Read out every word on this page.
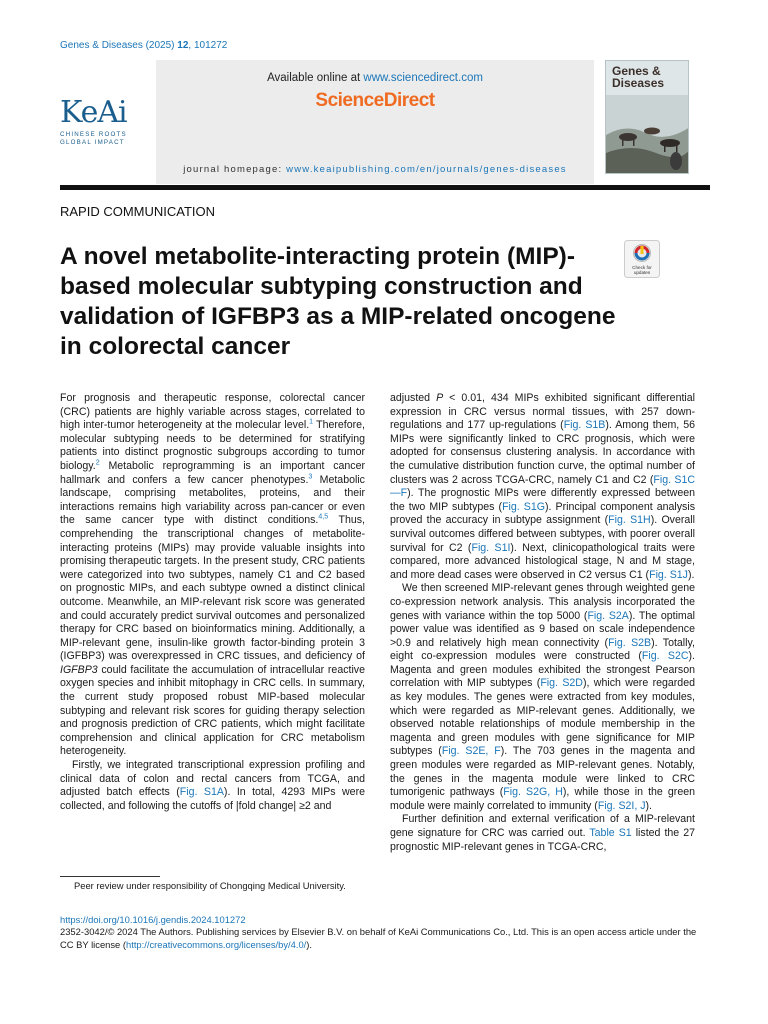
Genes & Diseases (2025) 12, 101272
KeAi
CHINESE ROOTS
GLOBAL IMPACT
Available online at www.sciencedirect.com
ScienceDirect
journal homepage: www.keaipublishing.com/en/journals/genes-diseases
Genes &
Diseases
RAPID COMMUNICATION
A novel metabolite-interacting protein (MIP)-based molecular subtyping construction and validation of IGFBP3 as a MIP-related oncogene in colorectal cancer
Check for
updates

For prognosis and therapeutic response, colorectal cancer (CRC) patients are highly variable across stages, correlated to high inter-tumor heterogeneity at the molecular level.$^1$ Therefore, molecular subtyping needs to be determined for stratifying patients into distinct prognostic subgroups according to tumor biology.$^2$ Metabolic reprogramming is an important cancer hallmark and confers a few cancer phenotypes.$^3$ Metabolic landscape, comprising metabolites, proteins, and their interactions remains high variability across pan-cancer or even the same cancer type with distinct conditions.$^{4,5}$ Thus, comprehending the transcriptional changes of metabolite-interacting proteins (MIPs) may provide valuable insights into promising therapeutic targets. In the present study, CRC patients were categorized into two subtypes, namely C1 and C2 based on prognostic MIPs, and each subtype owned a distinct clinical outcome. Meanwhile, an MIP-relevant risk score was generated and could accurately predict survival outcomes and personalized therapy for CRC based on bioinformatics mining. Additionally, a MIP-relevant gene, insulin-like growth factor-binding protein 3 (IGFBP3) was overexpressed in CRC tissues, and deficiency of IGFBP3 could facilitate the accumulation of intracellular reactive oxygen species and inhibit mitophagy in CRC cells. In summary, the current study proposed robust MIP-based molecular subtyping and relevant risk scores for guiding therapy selection and prognosis prediction of CRC patients, which might facilitate comprehension and clinical application for CRC metabolism heterogeneity.

Firstly, we integrated transcriptional expression profiling and clinical data of colon and rectal cancers from TCGA, and adjusted batch effects (Fig. S1A). In total, 4293 MIPs were collected, and following the cutoffs of |fold change| ≥2 and

adjusted P < 0.01, 434 MIPs exhibited significant differential expression in CRC versus normal tissues, with 257 down-regulations and 177 up-regulations (Fig. S1B). Among them, 56 MIPs were significantly linked to CRC prognosis, which were adopted for consensus clustering analysis. In accordance with the cumulative distribution function curve, the optimal number of clusters was 2 across TCGA-CRC, namely C1 and C2 (Fig. S1C—F). The prognostic MIPs were differently expressed between the two MIP subtypes (Fig. S1G). Principal component analysis proved the accuracy in subtype assignment (Fig. S1H). Overall survival outcomes differed between subtypes, with poorer overall survival for C2 (Fig. S1I). Next, clinicopathological traits were compared, more advanced histological stage, N and M stage, and more dead cases were observed in C2 versus C1 (Fig. S1J).

We then screened MIP-relevant genes through weighted gene co-expression network analysis. This analysis incorporated the genes with variance within the top 5000 (Fig. S2A). The optimal power value was identified as 9 based on scale independence >0.9 and relatively high mean connectivity (Fig. S2B). Totally, eight co-expression modules were constructed (Fig. S2C). Magenta and green modules exhibited the strongest Pearson correlation with MIP subtypes (Fig. S2D), which were regarded as key modules. The genes were extracted from key modules, which were regarded as MIP-relevant genes. Additionally, we observed notable relationships of module membership in the magenta and green modules with gene significance for MIP subtypes (Fig. S2E, F). The 703 genes in the magenta and green modules were regarded as MIP-relevant genes. Notably, the genes in the magenta module were linked to CRC tumorigenic pathways (Fig. S2G, H), while those in the green module were mainly correlated to immunity (Fig. S2I, J).

Further definition and external verification of a MIP-relevant gene signature for CRC was carried out. Table S1 listed the 27 prognostic MIP-relevant genes in TCGA-CRC,

Peer review under responsibility of Chongqing Medical University.
https://doi.org/10.1016/j.gendis.2024.101272
2352-3042/© 2024 The Authors. Publishing services by Elsevier B.V. on behalf of KeAi Communications Co., Ltd. This is an open access article under the CC BY license (http://creativecommons.org/licenses/by/4.0/).
